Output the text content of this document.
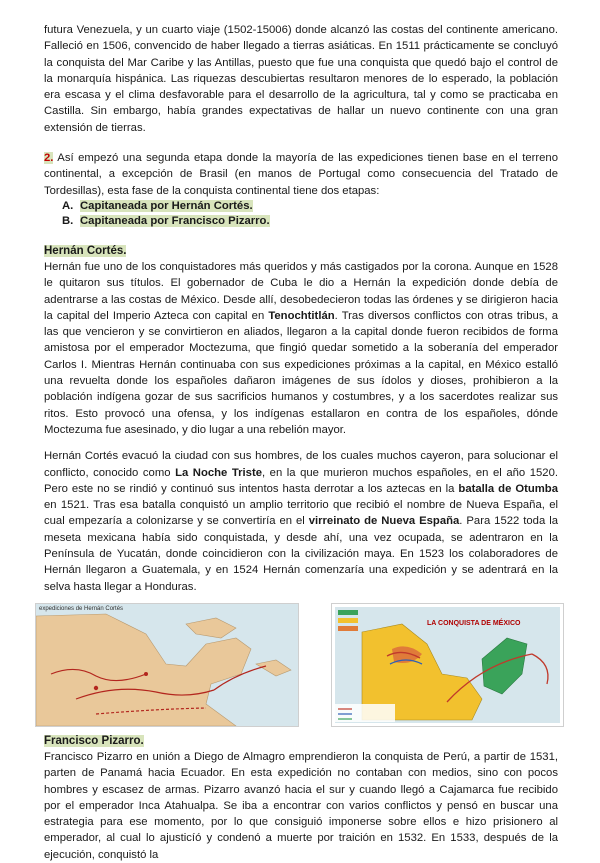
futura Venezuela, y un cuarto viaje (1502-15006) donde alcanzó las costas del continente americano. Falleció en 1506, convencido de haber llegado a tierras asiáticas. En 1511 prácticamente se concluyó la conquista del Mar Caribe y las Antillas, puesto que fue una conquista que quedó bajo el control de la monarquía hispánica. Las riquezas descubiertas resultaron menores de lo esperado, la población era escasa y el clima desfavorable para el desarrollo de la agricultura, tal y como se practicaba en Castilla. Sin embargo, había grandes expectativas de hallar un nuevo continente con una gran extensión de tierras.

2. Así empezó una segunda etapa donde la mayoría de las expediciones tienen base en el terreno continental, a excepción de Brasil (en manos de Portugal como consecuencia del Tratado de Tordesillas), esta fase de la conquista continental tiene dos etapas:

A. Capitaneada por Hernán Cortés.
B. Capitaneada por Francisco Pizarro.
Hernán Cortés.

Hernán fue uno de los conquistadores más queridos y más castigados por la corona. Aunque en 1528 le quitaron sus títulos. El gobernador de Cuba le dio a Hernán la expedición donde debía de adentrarse a las costas de México. Desde allí, desobedecieron todas las órdenes y se dirigieron hacia la capital del Imperio Azteca con capital en Tenochtitlán. Tras diversos conflictos con otras tribus, a las que vencieron y se convirtieron en aliados, llegaron a la capital donde fueron recibidos de forma amistosa por el emperador Moctezuma, que fingió quedar sometido a la soberanía del emperador Carlos I. Mientras Hernán continuaba con sus expediciones próximas a la capital, en México estalló una revuelta donde los españoles dañaron imágenes de sus ídolos y dioses, prohibieron a la población indígena gozar de sus sacrificios humanos y costumbres, y a los sacerdotes realizar sus ritos. Esto provocó una ofensa, y los indígenas estallaron en contra de los españoles, dónde Moctezuma fue asesinado, y dio lugar a una rebelión mayor.

Hernán Cortés evacuó la ciudad con sus hombres, de los cuales muchos cayeron, para solucionar el conflicto, conocido como La Noche Triste, en la que murieron muchos españoles, en el año 1520. Pero este no se rindió y continuó sus intentos hasta derrotar a los aztecas en la batalla de Otumba en 1521. Tras esa batalla conquistó un amplio territorio que recibió el nombre de Nueva España, el cual empezaría a colonizarse y se convertiría en el virreinato de Nueva España. Para 1522 toda la meseta mexicana había sido conquistada, y desde ahí, una vez ocupada, se adentraron en la Península de Yucatán, donde coincidieron con la civilización maya. En 1523 los colaboradores de Hernán llegaron a Guatemala, y en 1524 Hernán comenzaría una expedición y se adentrará en la selva hasta llegar a Honduras.

expediciones de Hernán Cortés
LA CONQUISTA DE MÉXICO
Francisco Pizarro.

Francisco Pizarro en unión a Diego de Almagro emprendieron la conquista de Perú, a partir de 1531, parten de Panamá hacia Ecuador. En esta expedición no contaban con medios, sino con pocos hombres y escasez de armas. Pizarro avanzó hacia el sur y cuando llegó a Cajamarca fue recibido por el emperador Inca Atahualpa. Se iba a encontrar con varios conflictos y pensó en buscar una estrategia para ese momento, por lo que consiguió imponerse sobre ellos e hizo prisionero al emperador, al cual lo ajusticíó y condenó a muerte por traición en 1532. En 1533, después de la ejecución, conquistó la
